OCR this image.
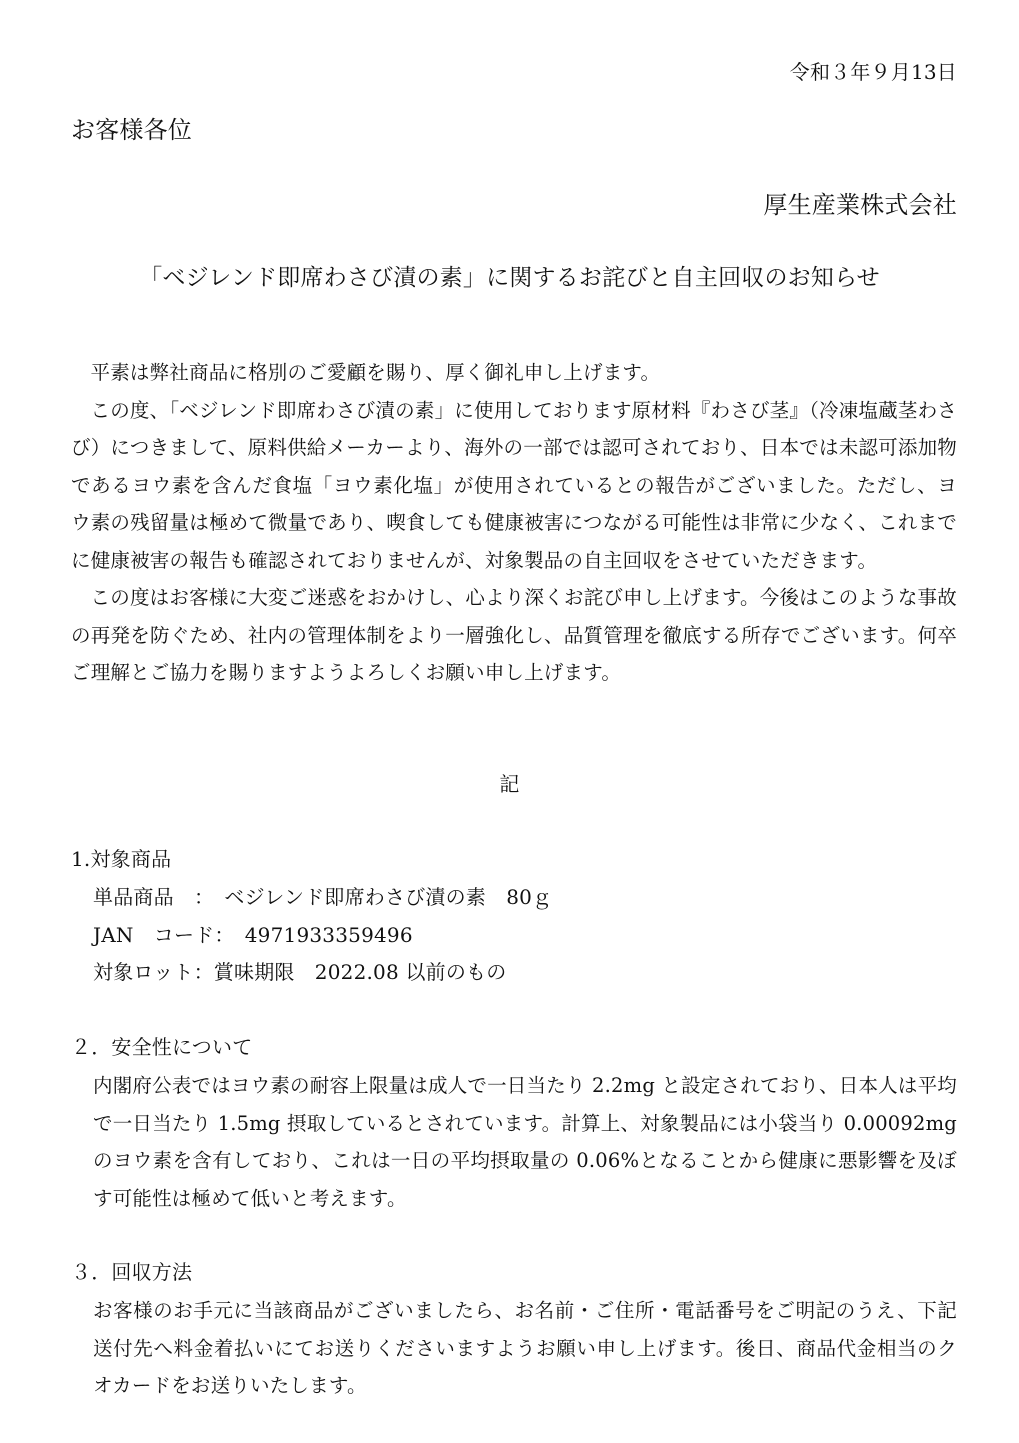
令和３年９月13日
お客様各位
厚生産業株式会社
「ベジレンド即席わさび漬の素」に関するお詫びと自主回収のお知らせ
平素は弊社商品に格別のご愛顧を賜り、厚く御礼申し上げます。
この度、「ベジレンド即席わさび漬の素」に使用しております原材料『わさび茎』（冷凍塩蔵茎わさび）につきまして、原料供給メーカーより、海外の一部では認可されており、日本では未認可添加物であるヨウ素を含んだ食塩「ヨウ素化塩」が使用されているとの報告がございました。ただし、ヨウ素の残留量は極めて微量であり、喫食しても健康被害につながる可能性は非常に少なく、これまでに健康被害の報告も確認されておりませんが、対象製品の自主回収をさせていただきます。
この度はお客様に大変ご迷惑をおかけし、心より深くお詫び申し上げます。今後はこのような事故の再発を防ぐため、社内の管理体制をより一層強化し、品質管理を徹底する所存でございます。何卒ご理解とご協力を賜りますようよろしくお願い申し上げます。
記
1.対象商品
単品商品　：　ベジレンド即席わさび漬の素　80ｇ
JAN　コード：　4971933359496
対象ロット：賞味期限　2022.08 以前のもの
２．安全性について
内閣府公表ではヨウ素の耐容上限量は成人で一日当たり 2.2mg と設定されており、日本人は平均で一日当たり 1.5mg 摂取しているとされています。計算上、対象製品には小袋当り 0.00092mg のヨウ素を含有しており、これは一日の平均摂取量の 0.06%となることから健康に悪影響を及ぼす可能性は極めて低いと考えます。
３．回収方法
お客様のお手元に当該商品がございましたら、お名前・ご住所・電話番号をご明記のうえ、下記送付先へ料金着払いにてお送りくださいますようお願い申し上げます。後日、商品代金相当のクオカードをお送りいたします。
